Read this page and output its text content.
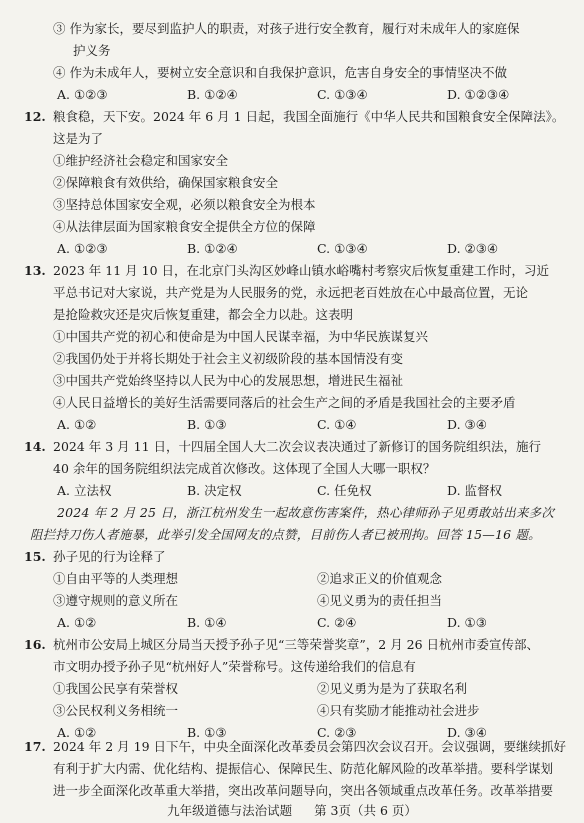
③ 作为家长，要尽到监护人的职责，对孩子进行安全教育，履行对未成年人的家庭保
护义务
④ 作为未成年人，要树立安全意识和自我保护意识，危害自身安全的事情坚决不做
A. ①②③	B. ①②④	C. ①③④	D. ①②③④
12. 粮食稳，天下安。2024 年 6 月 1 日起，我国全面施行《中华人民共和国粮食安全保障法》。
这是为了
①维护经济社会稳定和国家安全
②保障粮食有效供给，确保国家粮食安全
③坚持总体国家安全观，必须以粮食安全为根本
④从法律层面为国家粮食安全提供全方位的保障
A. ①②③	B. ①②④	C. ①③④	D. ②③④
13. 2023 年 11 月 10 日，在北京门头沟区妙峰山镇水峪嘴村考察灾后恢复重建工作时，习近
平总书记对大家说，共产党是为人民服务的党，永远把老百姓放在心中最高位置，无论
是抢险救灾还是灾后恢复重建，都会全力以赴。这表明
①中国共产党的初心和使命是为中国人民谋幸福，为中华民族谋复兴
②我国仍处于并将长期处于社会主义初级阶段的基本国情没有变
③中国共产党始终坚持以人民为中心的发展思想，增进民生福祉
④人民日益增长的美好生活需要同落后的社会生产之间的矛盾是我国社会的主要矛盾
A. ①②	B. ①③	C. ①④	D. ③④
14. 2024 年 3 月 11 日，十四届全国人大二次会议表决通过了新修订的国务院组织法，施行
40 余年的国务院组织法完成首次修改。这体现了全国人大哪一职权？
A. 立法权	B. 决定权	C. 任免权	D. 监督权
2024 年 2 月 25 日，浙江杭州发生一起故意伤害案件，热心律师孙子见勇敢站出来多次
阻拦持刀伤人者施暴，此举引发全国网友的点赞，目前伤人者已被刑拘。回答 15—16 题。
15. 孙子见的行为诠释了
①自由平等的人类理想	②追求正义的价值观念
③遵守规则的意义所在	④见义勇为的责任担当
A. ①②	B. ①④	C. ②④	D. ①③
16. 杭州市公安局上城区分局当天授予孙子见“三等荣誉奖章”，2 月 26 日杭州市委宣传部、
市文明办授予孙子见“杭州好人”荣誉称号。这传递给我们的信息有
①我国公民享有荣誉权	②见义勇为是为了获取名利
③公民权利义务相统一	④只有奖励才能推动社会进步
A. ①②	B. ①③	C. ②③	D. ③④
17. 2024 年 2 月 19 日下午，中央全面深化改革委员会第四次会议召开。会议强调，要继续抓好
有利于扩大内需、优化结构、提振信心、保障民生、防范化解风险的改革举措。要科学谋划
九年级道德与法治试题 第 3页（共 6 页）
进一步全面深化改革重大举措，突出改革问题导向，突出各领域重点改革任务。改革举措要
